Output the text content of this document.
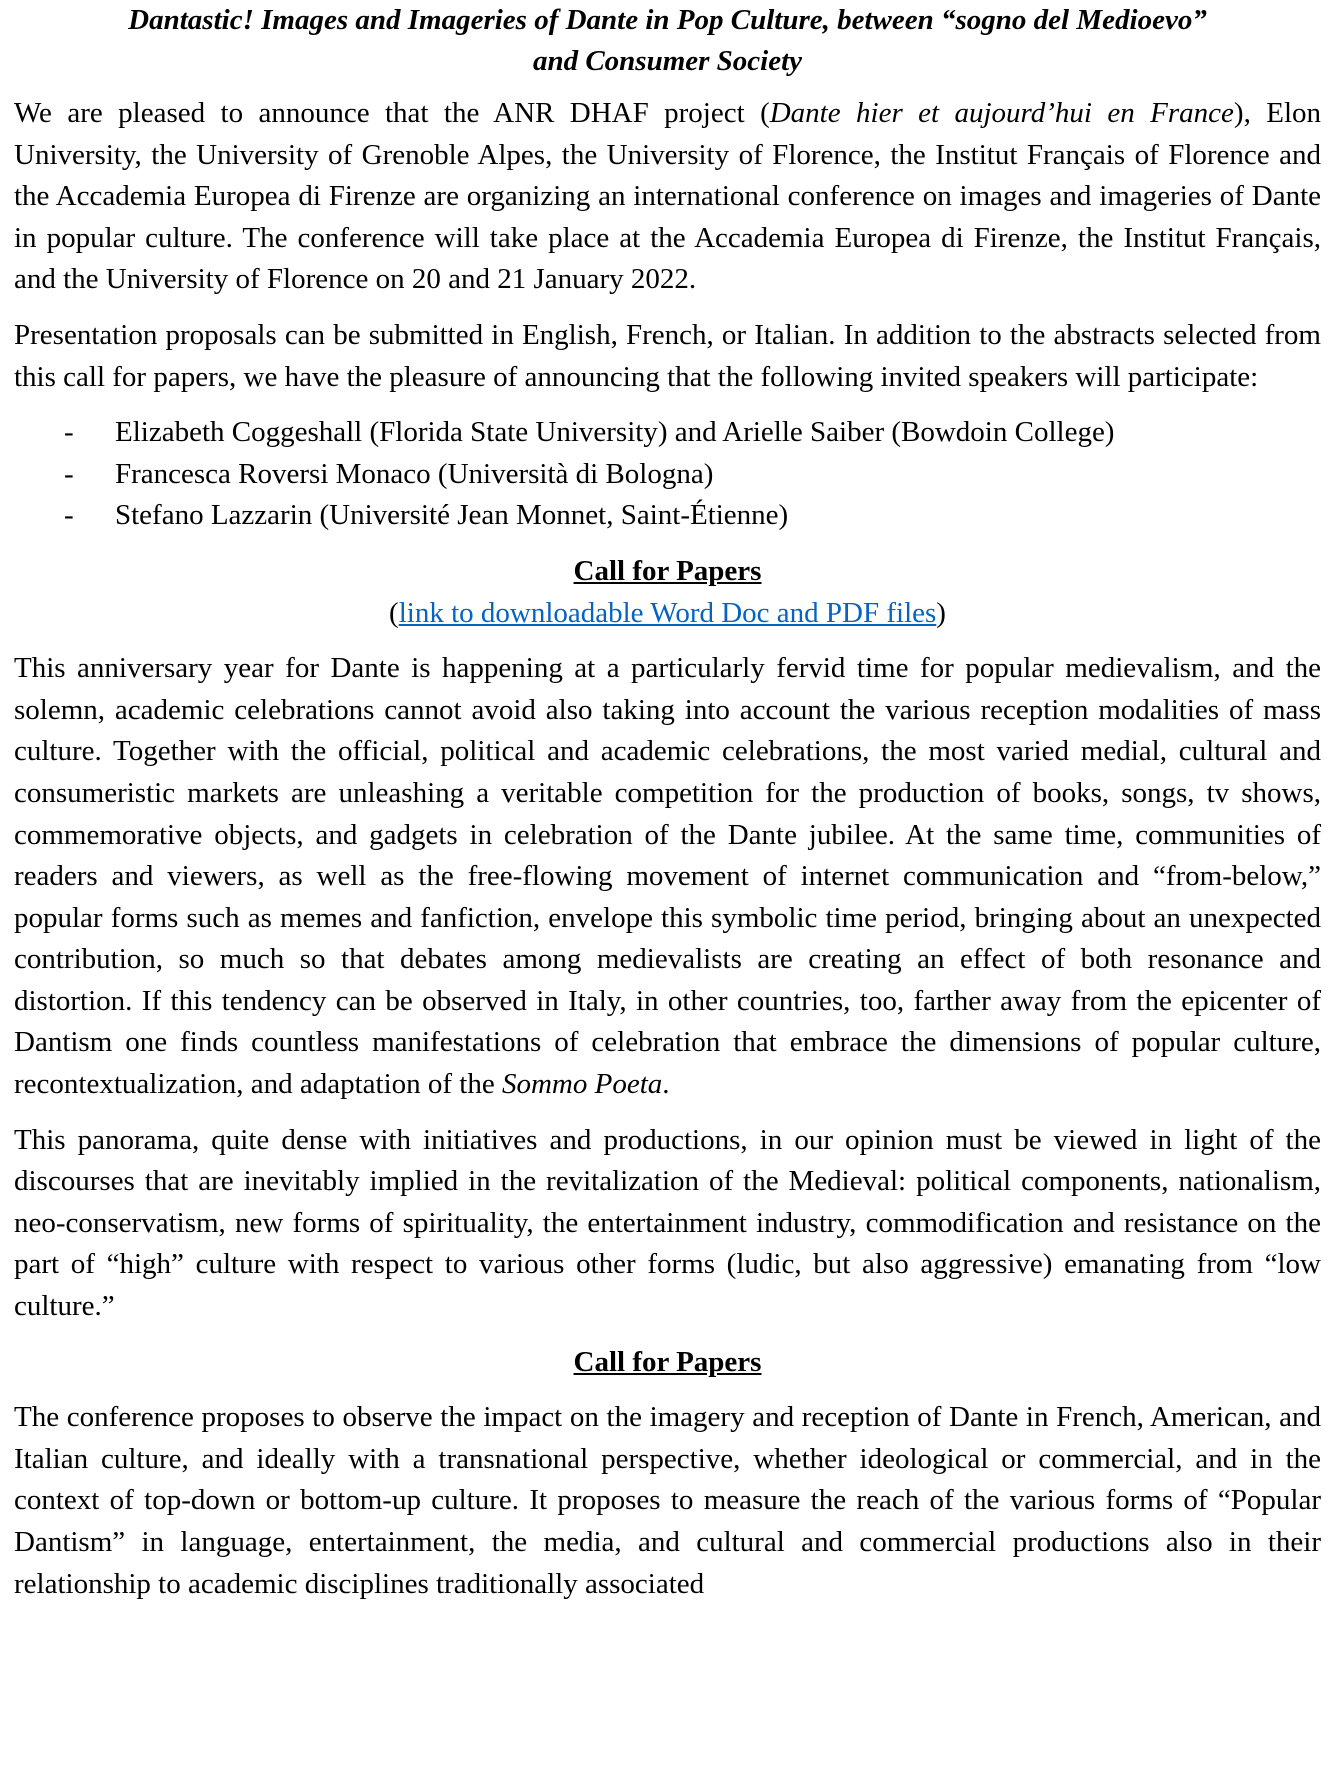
Dantastic! Images and Imageries of Dante in Pop Culture, between “sogno del Medioevo”
and Consumer Society

We are pleased to announce that the ANR DHAF project (Dante hier et aujourd’hui en France), Elon University, the University of Grenoble Alpes, the University of Florence, the Institut Français of Florence and the Accademia Europea di Firenze are organizing an international conference on images and imageries of Dante in popular culture. The conference will take place at the Accademia Europea di Firenze, the Institut Français, and the University of Florence on 20 and 21 January 2022.

Presentation proposals can be submitted in English, French, or Italian. In addition to the abstracts selected from this call for papers, we have the pleasure of announcing that the following invited speakers will participate:

- Elizabeth Coggeshall (Florida State University) and Arielle Saiber (Bowdoin College)
- Francesca Roversi Monaco (Università di Bologna)
- Stefano Lazzarin (Université Jean Monnet, Saint-Étienne)
Call for Papers

(link to downloadable Word Doc and PDF files)

This anniversary year for Dante is happening at a particularly fervid time for popular medievalism, and the solemn, academic celebrations cannot avoid also taking into account the various reception modalities of mass culture. Together with the official, political and academic celebrations, the most varied medial, cultural and consumeristic markets are unleashing a veritable competition for the production of books, songs, tv shows, commemorative objects, and gadgets in celebration of the Dante jubilee. At the same time, communities of readers and viewers, as well as the free-flowing movement of internet communication and “from-below,” popular forms such as memes and fanfiction, envelope this symbolic time period, bringing about an unexpected contribution, so much so that debates among medievalists are creating an effect of both resonance and distortion. If this tendency can be observed in Italy, in other countries, too, farther away from the epicenter of Dantism one finds countless manifestations of celebration that embrace the dimensions of popular culture, recontextualization, and adaptation of the Sommo Poeta.

This panorama, quite dense with initiatives and productions, in our opinion must be viewed in light of the discourses that are inevitably implied in the revitalization of the Medieval: political components, nationalism, neo-conservatism, new forms of spirituality, the entertainment industry, commodification and resistance on the part of “high” culture with respect to various other forms (ludic, but also aggressive) emanating from “low culture.”

Call for Papers

The conference proposes to observe the impact on the imagery and reception of Dante in French, American, and Italian culture, and ideally with a transnational perspective, whether ideological or commercial, and in the context of top-down or bottom-up culture. It proposes to measure the reach of the various forms of “Popular Dantism” in language, entertainment, the media, and cultural and commercial productions also in their relationship to academic disciplines traditionally associated
